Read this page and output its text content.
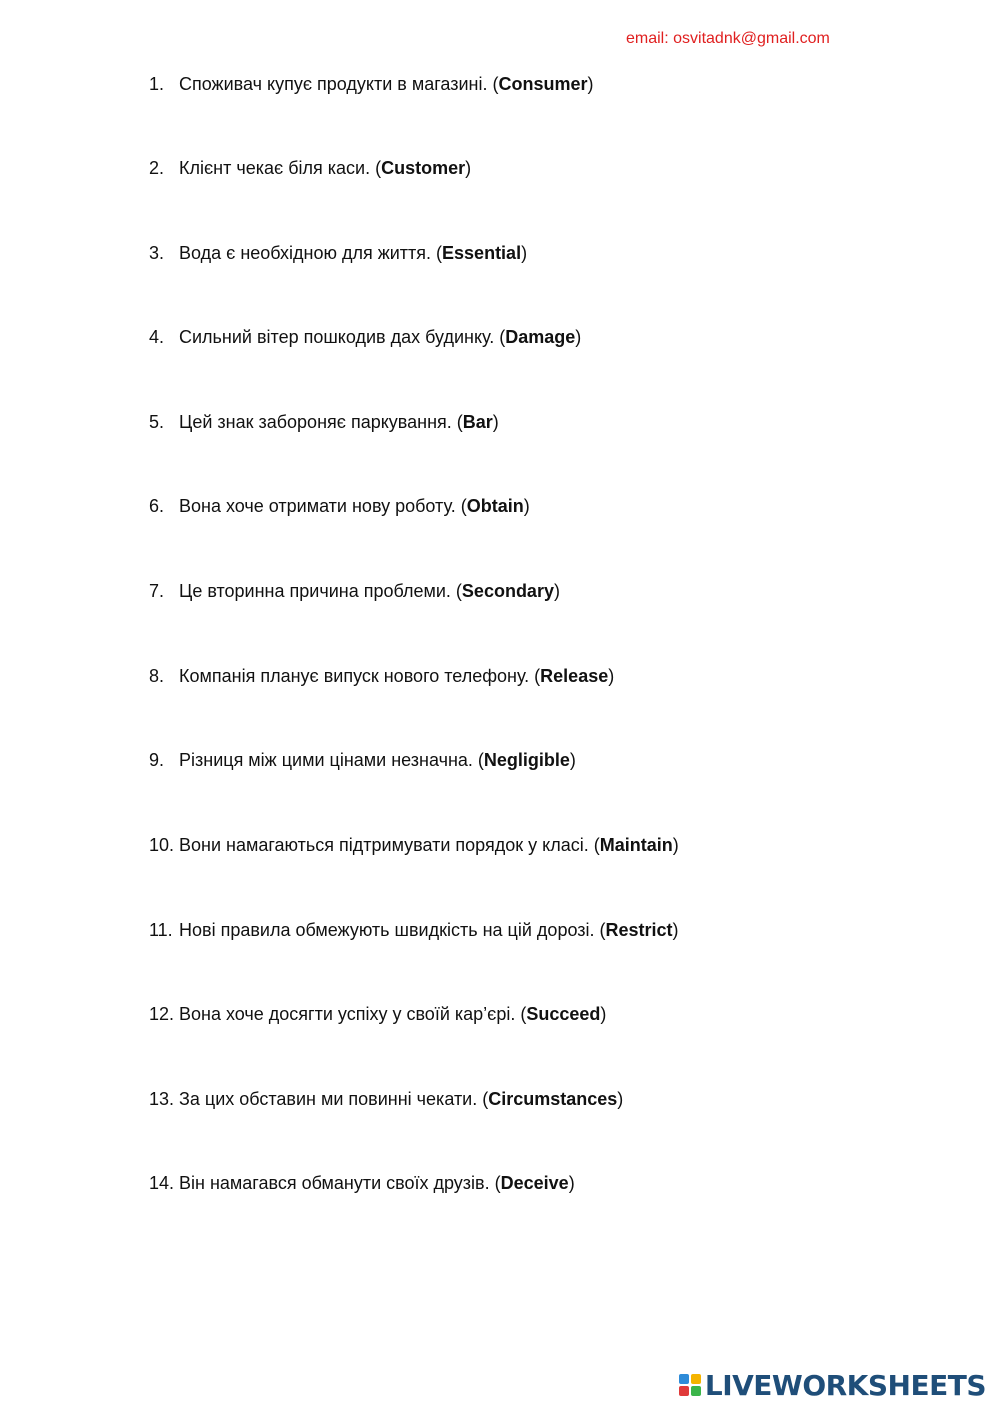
email: osvitadnk@gmail.com
1. Споживач купує продукти в магазині. (Consumer)
2. Клієнт чекає біля каси. (Customer)
3. Вода є необхідною для життя. (Essential)
4. Сильний вітер пошкодив дах будинку. (Damage)
5. Цей знак забороняє паркування. (Bar)
6. Вона хоче отримати нову роботу. (Obtain)
7. Це вторинна причина проблеми. (Secondary)
8. Компанія планує випуск нового телефону. (Release)
9. Різниця між цими цінами незначна. (Negligible)
10. Вони намагаються підтримувати порядок у класі. (Maintain)
11. Нові правила обмежують швидкість на цій дорозі. (Restrict)
12. Вона хоче досягти успіху у своїй кар’єрі. (Succeed)
13. За цих обставин ми повинні чекати. (Circumstances)
14. Він намагався обманути своїх друзів. (Deceive)
LIVEWORKSHEETS
